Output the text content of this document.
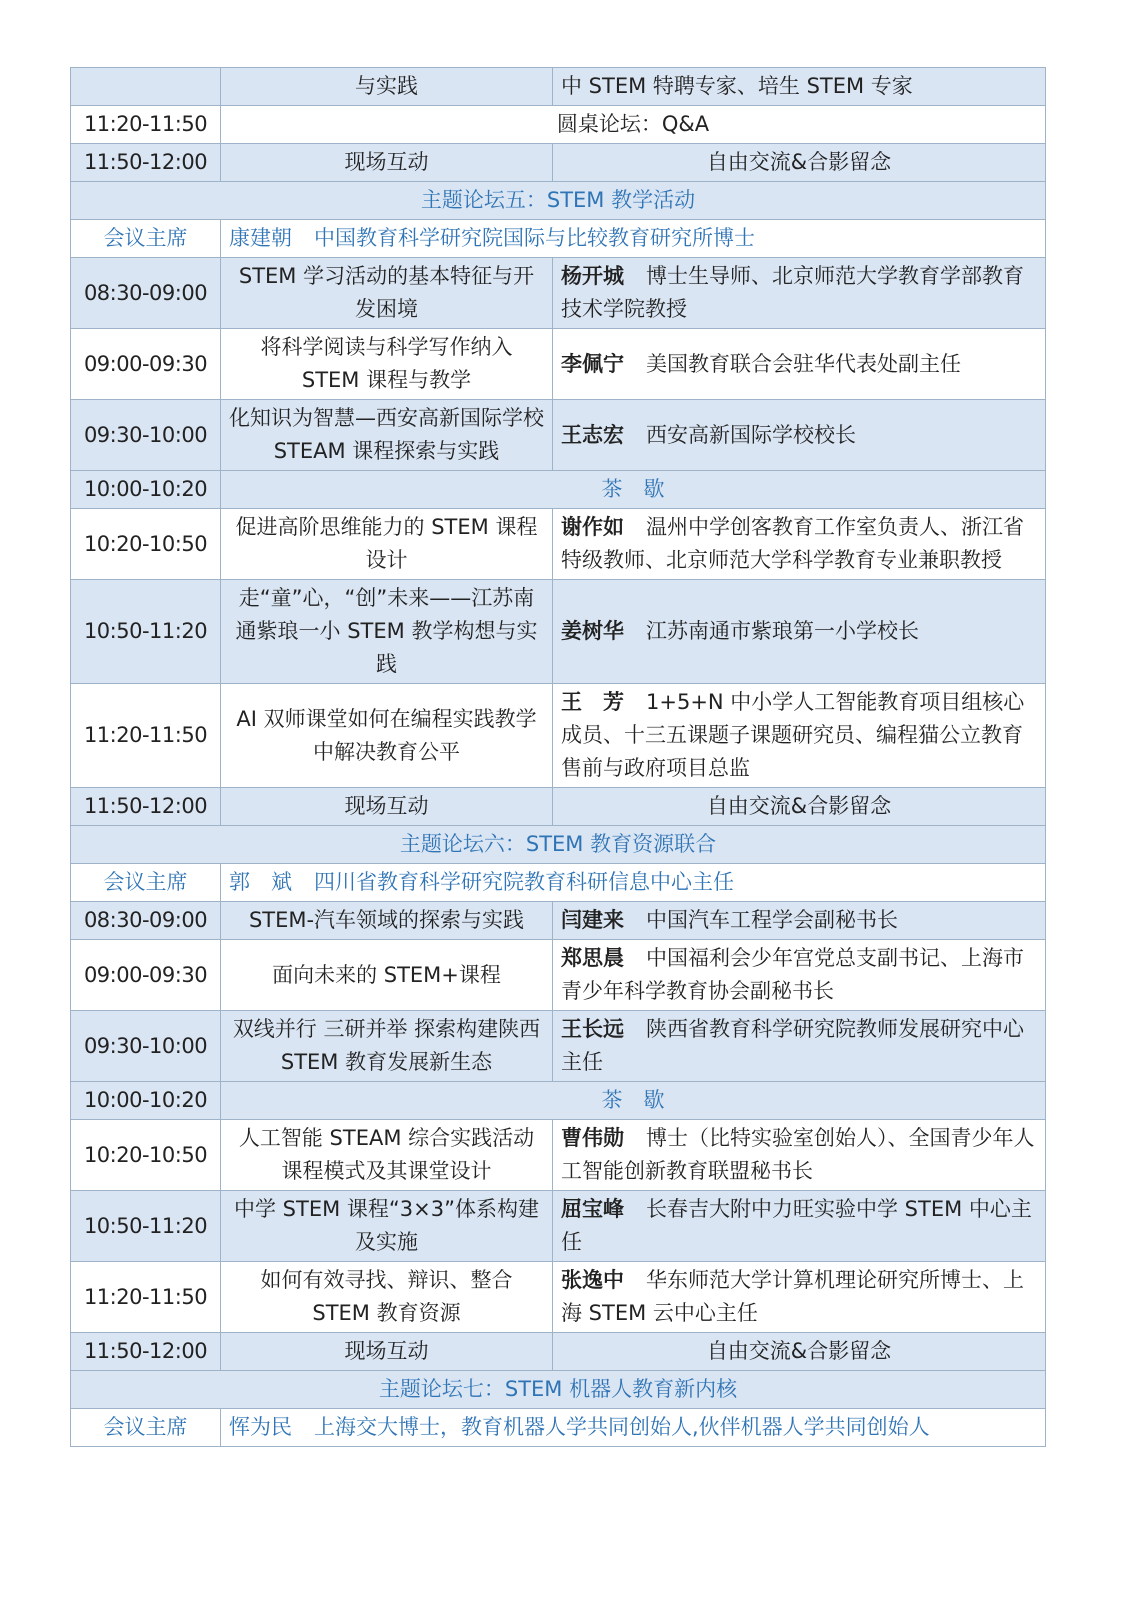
	与实践	中 STEM 特聘专家、培生 STEM 专家
11:20-11:50	圆桌论坛：Q&A	
11:50-12:00	现场互动	自由交流&合影留念
主题论坛五：STEM 教学活动		
会议主席	康建朝 中国教育科学研究院国际与比较教育研究所博士	
08:30-09:00	STEM 学习活动的基本特征与开发困境	杨开城 博士生导师、北京师范大学教育学部教育技术学院教授
09:00-09:30	将科学阅读与科学写作纳入 STEM 课程与教学	李佩宁 美国教育联合会驻华代表处副主任
09:30-10:00	化知识为智慧—西安高新国际学校 STEAM 课程探索与实践	王志宏 西安高新国际学校校长
10:00-10:20	茶　歇	
10:20-10:50	促进高阶思维能力的 STEM 课程设计	谢作如 温州中学创客教育工作室负责人、浙江省特级教师、北京师范大学科学教育专业兼职教授
10:50-11:20	走“童”心，“创”未来——江苏南通紫琅一小 STEM 教学构想与实践	姜树华 江苏南通市紫琅第一小学校长
11:20-11:50	AI 双师课堂如何在编程实践教学中解决教育公平	王　芳 1+5+N 中小学人工智能教育项目组核心成员、十三五课题子课题研究员、编程猫公立教育售前与政府项目总监
11:50-12:00	现场互动	自由交流&合影留念
主题论坛六：STEM 教育资源联合		
会议主席	郭　斌 四川省教育科学研究院教育科研信息中心主任	
08:30-09:00	STEM-汽车领域的探索与实践	闫建来 中国汽车工程学会副秘书长
09:00-09:30	面向未来的 STEM+课程	郑思晨 中国福利会少年宫党总支副书记、上海市青少年科学教育协会副秘书长
09:30-10:00	双线并行 三研并举 探索构建陕西 STEM 教育发展新生态	王长远 陕西省教育科学研究院教师发展研究中心主任
10:00-10:20	茶　歇	
10:20-10:50	人工智能 STEAM 综合实践活动课程模式及其课堂设计	曹伟勋 博士（比特实验室创始人）、全国青少年人工智能创新教育联盟秘书长
10:50-11:20	中学 STEM 课程“3×3”体系构建及实施	屈宝峰 长春吉大附中力旺实验中学 STEM 中心主任
11:20-11:50	如何有效寻找、辩识、整合 STEM 教育资源	张逸中 华东师范大学计算机理论研究所博士、上海 STEM 云中心主任
11:50-12:00	现场互动	自由交流&合影留念
主题论坛七：STEM 机器人教育新内核		
会议主席	恽为民 上海交大博士，教育机器人学共同创始人,伙伴机器人学共同创始人	
